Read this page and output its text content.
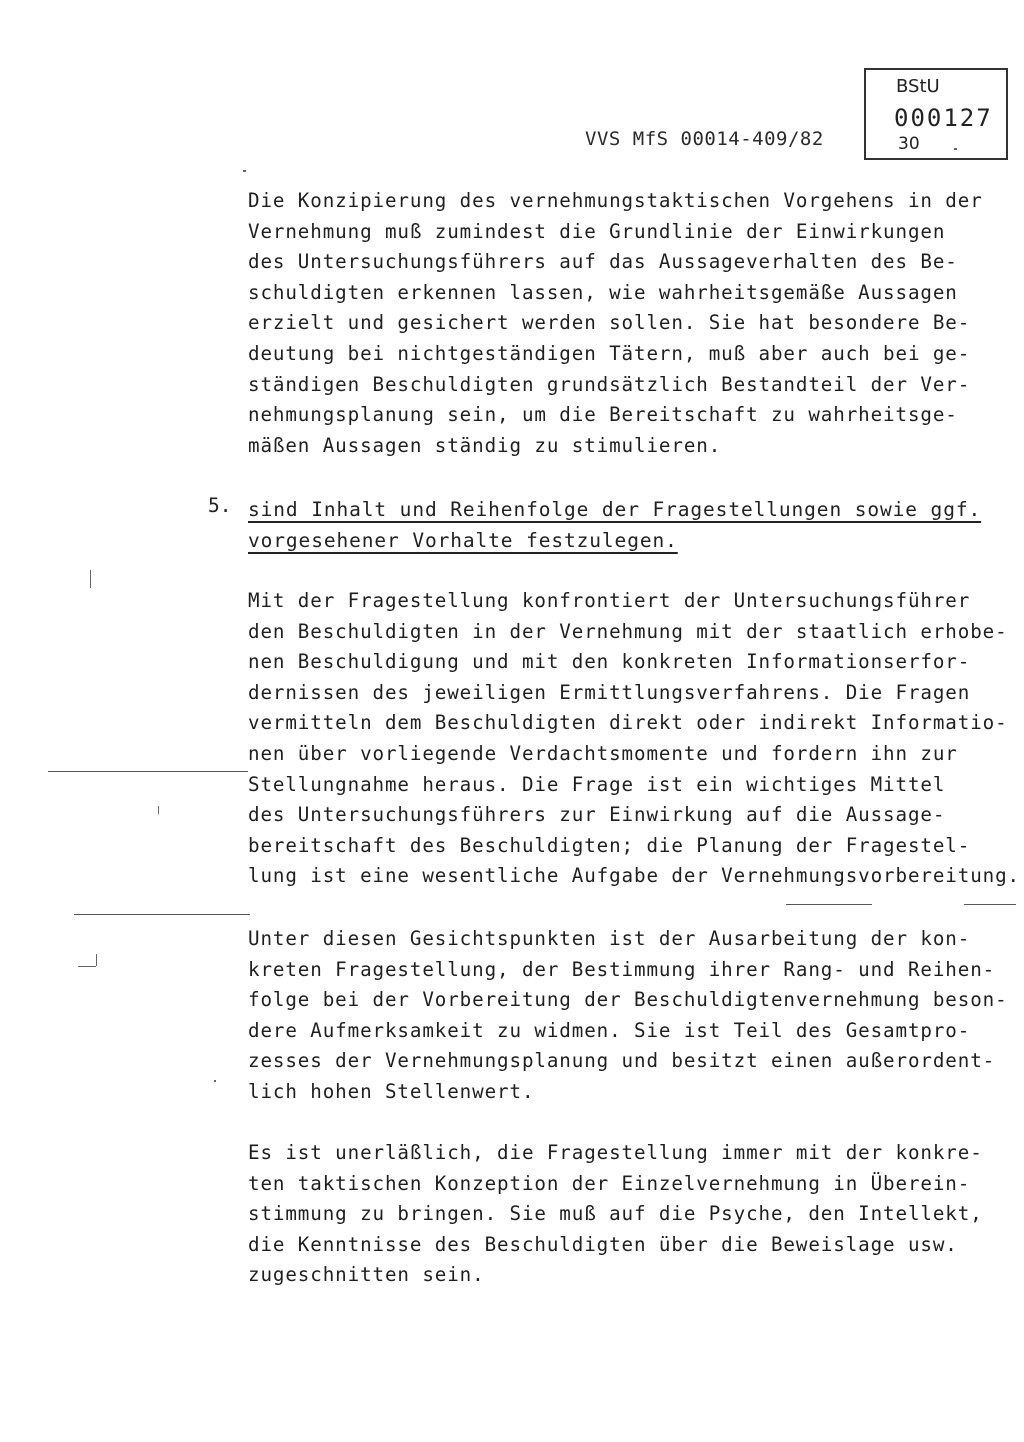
VVS MfS 00014-409/82
BStU
000127
30
Die Konzipierung des vernehmungstaktischen Vorgehens in der
Vernehmung muß zumindest die Grundlinie der Einwirkungen
des Untersuchungsführers auf das Aussageverhalten des Be-
schuldigten erkennen lassen, wie wahrheitsgemäße Aussagen
erzielt und gesichert werden sollen. Sie hat besondere Be-
deutung bei nichtgeständigen Tätern, muß aber auch bei ge-
ständigen Beschuldigten grundsätzlich Bestandteil der Ver-
nehmungsplanung sein, um die Bereitschaft zu wahrheitsge-
mäßen Aussagen ständig zu stimulieren.
5. sind Inhalt und Reihenfolge der Fragestellungen sowie ggf.
vorgesehener Vorhalte festzulegen.
Mit der Fragestellung konfrontiert der Untersuchungsführer
den Beschuldigten in der Vernehmung mit der staatlich erhobe-
nen Beschuldigung und mit den konkreten Informationserfor-
dernissen des jeweiligen Ermittlungsverfahrens. Die Fragen
vermitteln dem Beschuldigten direkt oder indirekt Informatio-
nen über vorliegende Verdachtsmomente und fordern ihn zur
Stellungnahme heraus. Die Frage ist ein wichtiges Mittel
des Untersuchungsführers zur Einwirkung auf die Aussage-
bereitschaft des Beschuldigten; die Planung der Fragestel-
lung ist eine wesentliche Aufgabe der Vernehmungsvorbereitung.
Unter diesen Gesichtspunkten ist der Ausarbeitung der kon-
kreten Fragestellung, der Bestimmung ihrer Rang- und Reihen-
folge bei der Vorbereitung der Beschuldigtenvernehmung beson-
dere Aufmerksamkeit zu widmen. Sie ist Teil des Gesamtpro-
zesses der Vernehmungsplanung und besitzt einen außerordent-
lich hohen Stellenwert.
Es ist unerläßlich, die Fragestellung immer mit der konkre-
ten taktischen Konzeption der Einzelvernehmung in Überein-
stimmung zu bringen. Sie muß auf die Psyche, den Intellekt,
die Kenntnisse des Beschuldigten über die Beweislage usw.
zugeschnitten sein.
